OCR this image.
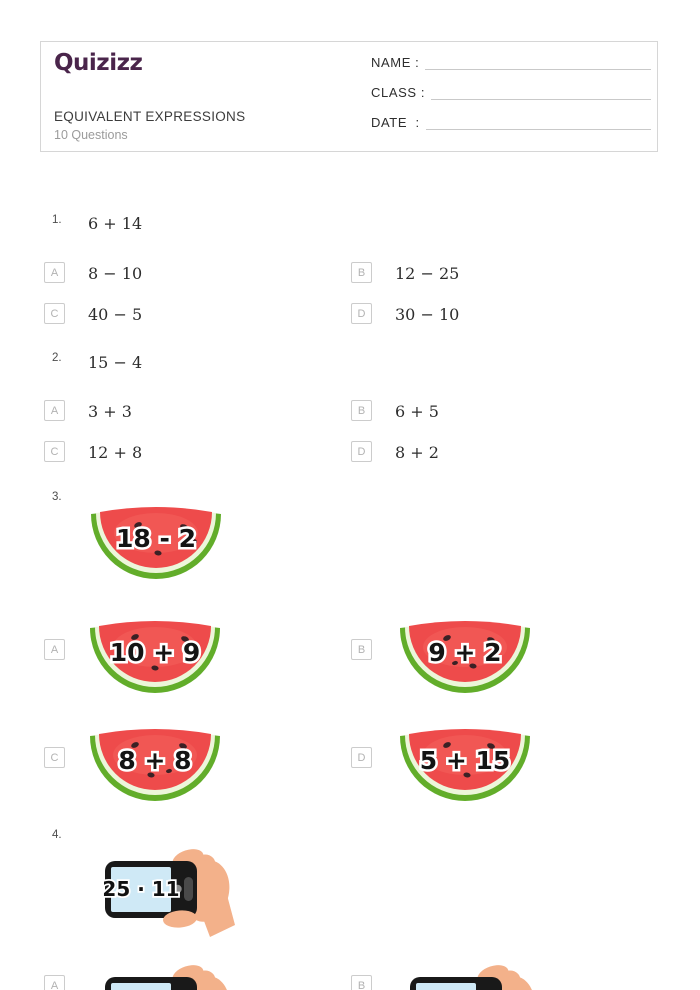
Quizizz
EQUIVALENT EXPRESSIONS
10 Questions
NAME :
CLASS :
DATE  :
1. 6 + 14
A 8 − 10	B 12 − 25
C 40 − 5	D 30 − 10
2. 15 − 4
A 3 + 3	B 6 + 5
C 12 + 8	D 8 + 2
3.
18 - 2
A 10 + 9	B	9 + 2
C 8 + 8	D 5 + 15
4.
25 · 11
A	B
